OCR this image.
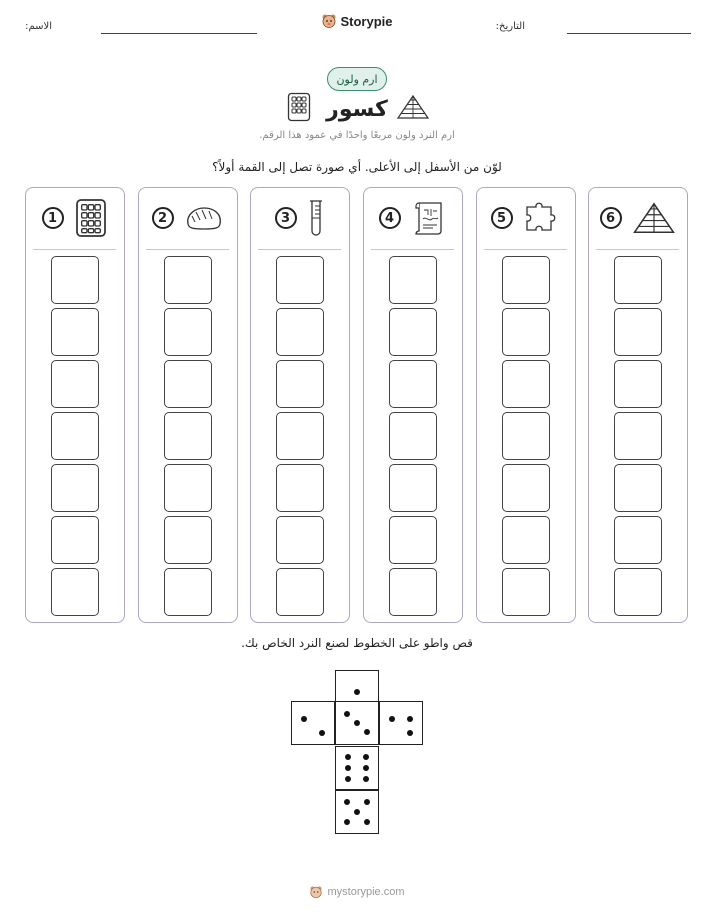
التاريخ:
Storypie
الاسم:
ارم ولون
كسور
ارم النرد ولون مربعًا واحدًا في عمود هذا الرقم.
لوّن من الأسفل إلى الأعلى. أي صورة تصل إلى القمة أولاً؟
1	2	3	4	5	6
قص واطو على الخطوط لصنع النرد الخاص بك.
mystorypie.com
